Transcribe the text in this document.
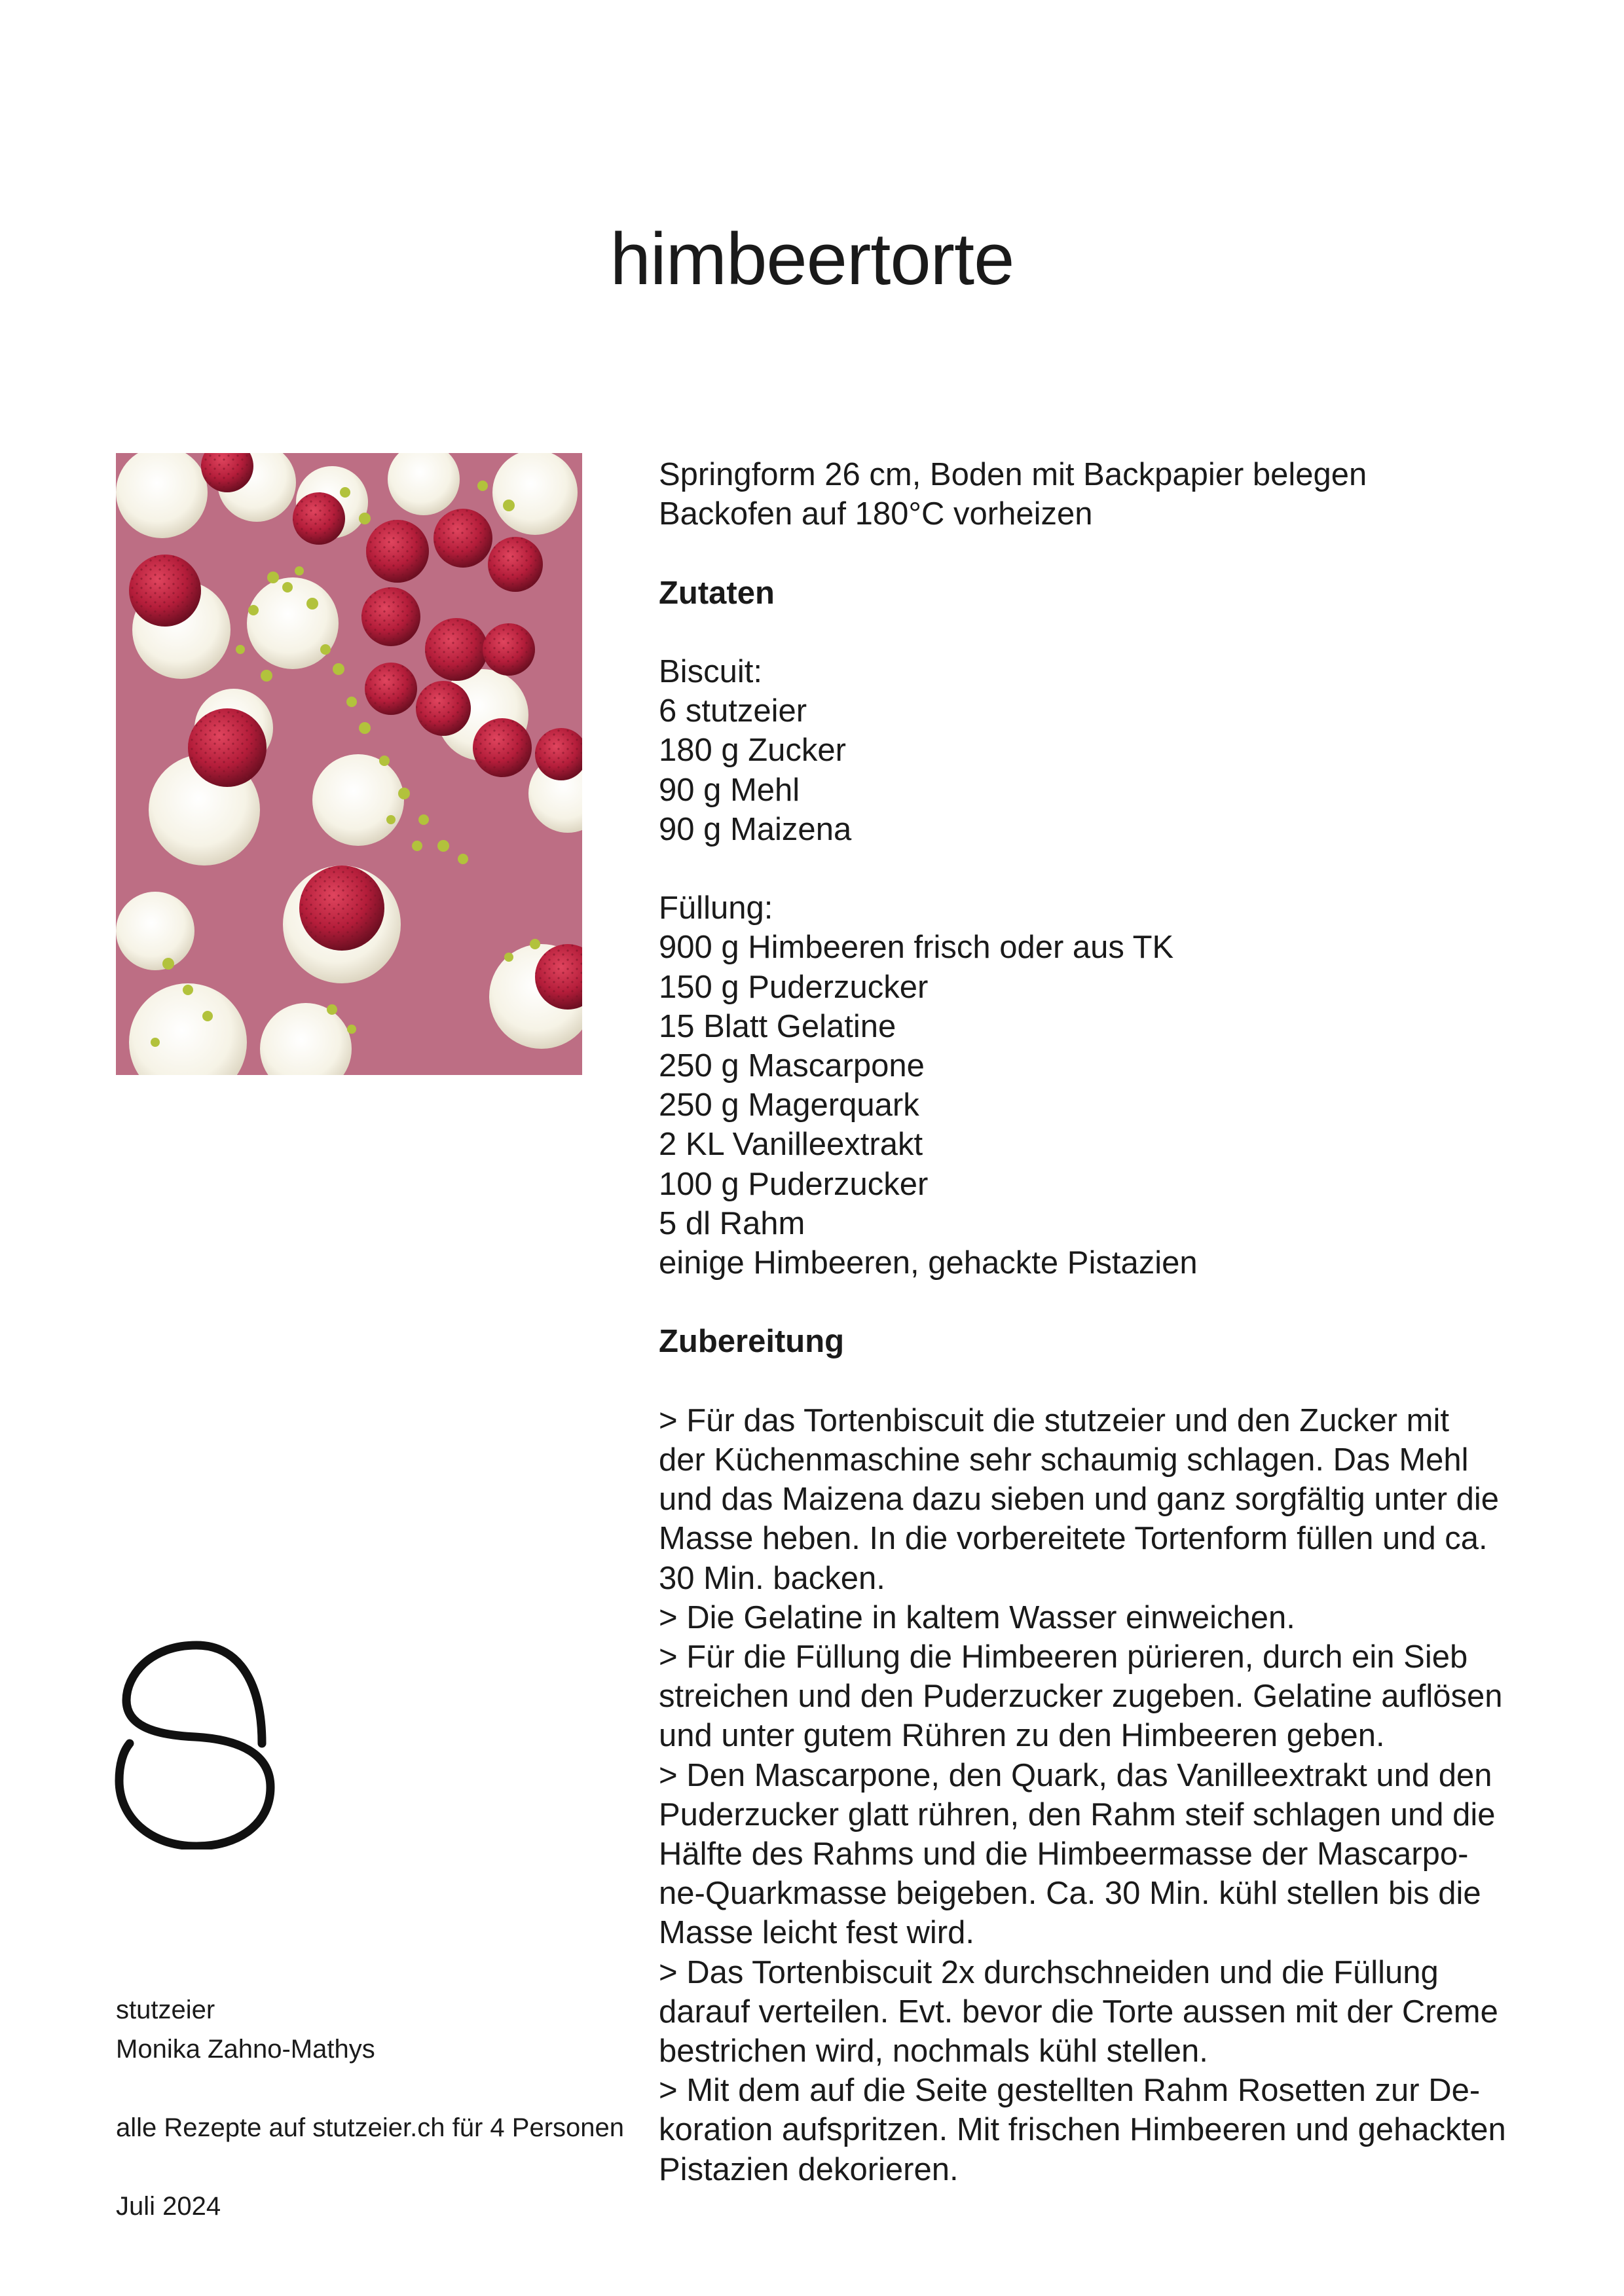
himbeertorte
stutzeier
Monika Zahno-Mathys
alle Rezepte auf stutzeier.ch für 4 Personen
Juli 2024
Springform 26 cm, Boden mit Backpapier belegen
Backofen auf 180°C vorheizen
Zutaten
Biscuit:
6 stutzeier
180 g Zucker
90 g Mehl
90 g Maizena
Füllung:
900 g Himbeeren frisch oder aus TK
150 g Puderzucker
15 Blatt Gelatine
250 g Mascarpone
250 g Magerquark
2 KL Vanilleextrakt
100 g Puderzucker
5 dl Rahm
einige Himbeeren, gehackte Pistazien
Zubereitung
> Für das Tortenbiscuit die stutzeier und den Zucker mit
der Küchenmaschine sehr schaumig schlagen. Das Mehl
und das Maizena dazu sieben und ganz sorgfältig unter die
Masse heben. In die vorbereitete Tortenform füllen und ca.
30 Min. backen.
> Die Gelatine in kaltem Wasser einweichen.
> Für die Füllung die Himbeeren pürieren, durch ein Sieb
streichen und den Puderzucker zugeben. Gelatine auflösen
und unter gutem Rühren zu den Himbeeren geben.
> Den Mascarpone, den Quark, das Vanilleextrakt und den
Puderzucker glatt rühren, den Rahm steif schlagen und die
Hälfte des Rahms und die Himbeermasse der Mascarpo-
ne-Quarkmasse beigeben. Ca. 30 Min. kühl stellen bis die
Masse leicht fest wird.
> Das Tortenbiscuit 2x durchschneiden und die Füllung
darauf verteilen. Evt. bevor die Torte aussen mit der Creme
bestrichen wird, nochmals kühl stellen.
> Mit dem auf die Seite gestellten Rahm Rosetten zur De-
koration aufspritzen. Mit frischen Himbeeren und gehackten
Pistazien dekorieren.
